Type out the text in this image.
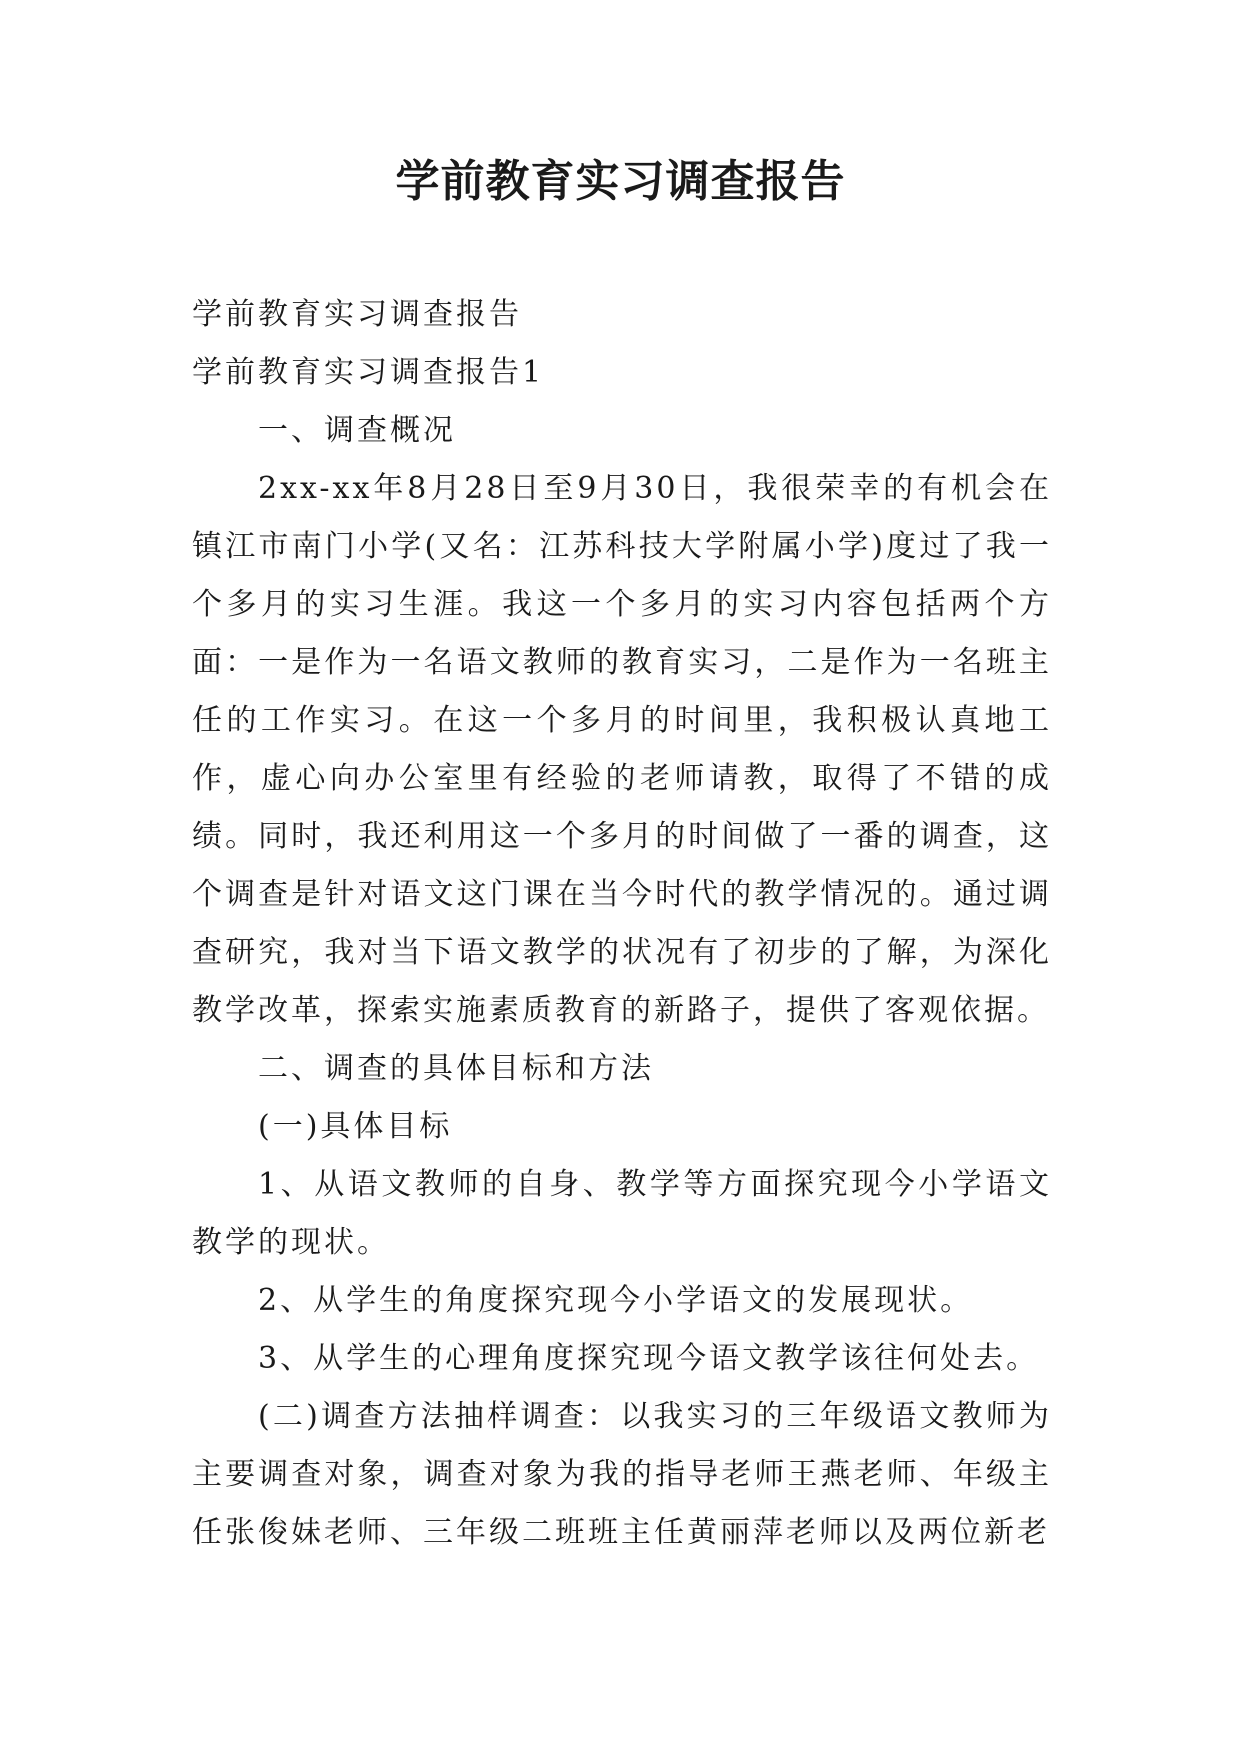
学前教育实习调查报告

学前教育实习调查报告

学前教育实习调查报告1

一、调查概况

2xx-xx年8月28日至9月30日，我很荣幸的有机会在镇江市南门小学(又名：江苏科技大学附属小学)度过了我一个多月的实习生涯。我这一个多月的实习内容包括两个方面：一是作为一名语文教师的教育实习，二是作为一名班主任的工作实习。在这一个多月的时间里，我积极认真地工作，虚心向办公室里有经验的老师请教，取得了不错的成绩。同时，我还利用这一个多月的时间做了一番的调查，这个调查是针对语文这门课在当今时代的教学情况的。通过调查研究，我对当下语文教学的状况有了初步的了解，为深化教学改革，探索实施素质教育的新路子，提供了客观依据。

二、调查的具体目标和方法

(一)具体目标

1、从语文教师的自身、教学等方面探究现今小学语文教学的现状。

2、从学生的角度探究现今小学语文的发展现状。

3、从学生的心理角度探究现今语文教学该往何处去。

(二)调查方法抽样调查：以我实习的三年级语文教师为主要调查对象，调查对象为我的指导老师王燕老师、年级主任张俊妹老师、三年级二班班主任黄丽萍老师以及两位新老
